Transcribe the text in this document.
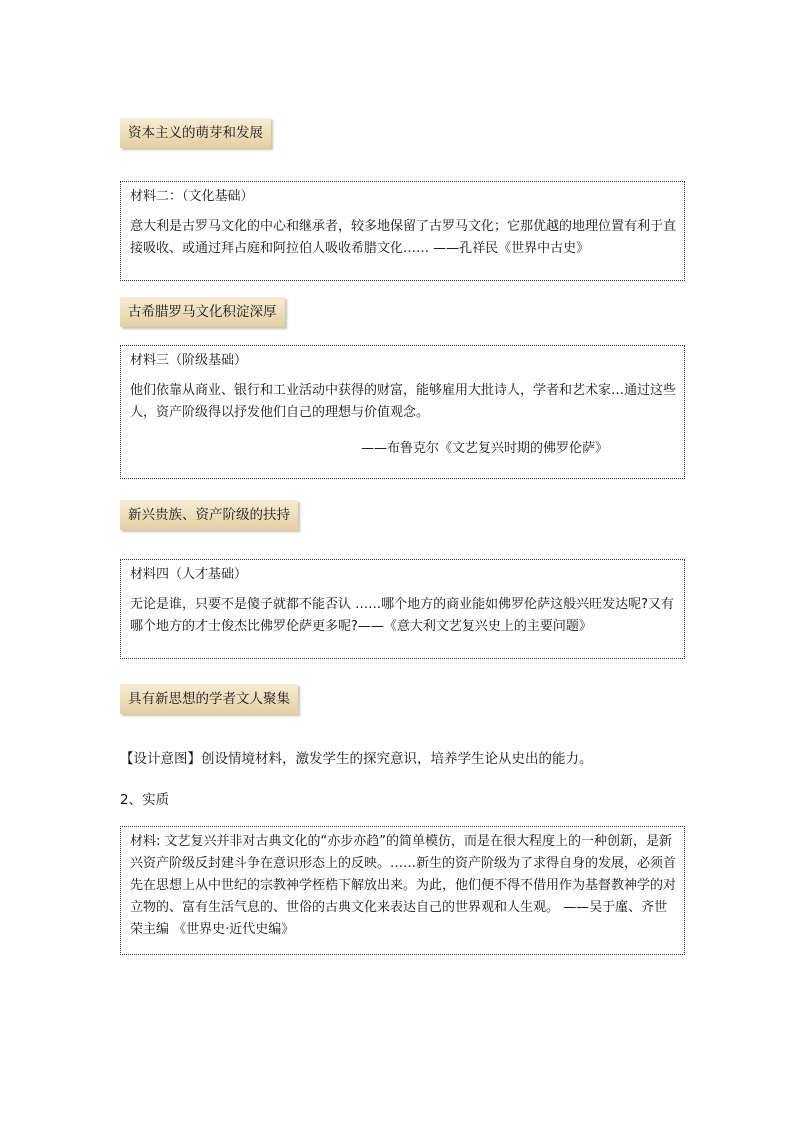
资本主义的萌芽和发展

材料二：（文化基础）

意大利是古罗马文化的中心和继承者，较多地保留了古罗马文化；它那优越的地理位置有利于直接吸收、或通过拜占庭和阿拉伯人吸收希腊文化…… ——孔祥民《世界中古史》

古希腊罗马文化积淀深厚

材料三（阶级基础）

他们依靠从商业、银行和工业活动中获得的财富，能够雇用大批诗人，学者和艺术家…通过这些人，资产阶级得以抒发他们自己的理想与价值观念。

——布鲁克尔《文艺复兴时期的佛罗伦萨》

新兴贵族、资产阶级的扶持

材料四（人才基础）

无论是谁，只要不是傻子就都不能否认 ……哪个地方的商业能如佛罗伦萨这般兴旺发达呢?又有哪个地方的才士俊杰比佛罗伦萨更多呢?——《意大利文艺复兴史上的主要问题》

具有新思想的学者文人聚集
【设计意图】创设情境材料，激发学生的探究意识，培养学生论从史出的能力。
2、实质

材料: 文艺复兴并非对古典文化的“亦步亦趋”的简单模仿，而是在很大程度上的一种创新，是新兴资产阶级反封建斗争在意识形态上的反映。……新生的资产阶级为了求得自身的发展，必须首先在思想上从中世纪的宗教神学桎梏下解放出来。为此，他们便不得不借用作为基督教神学的对立物的、富有生活气息的、世俗的古典文化来表达自己的世界观和人生观。 ——吴于廑、齐世荣主编 《世界史·近代史编》
